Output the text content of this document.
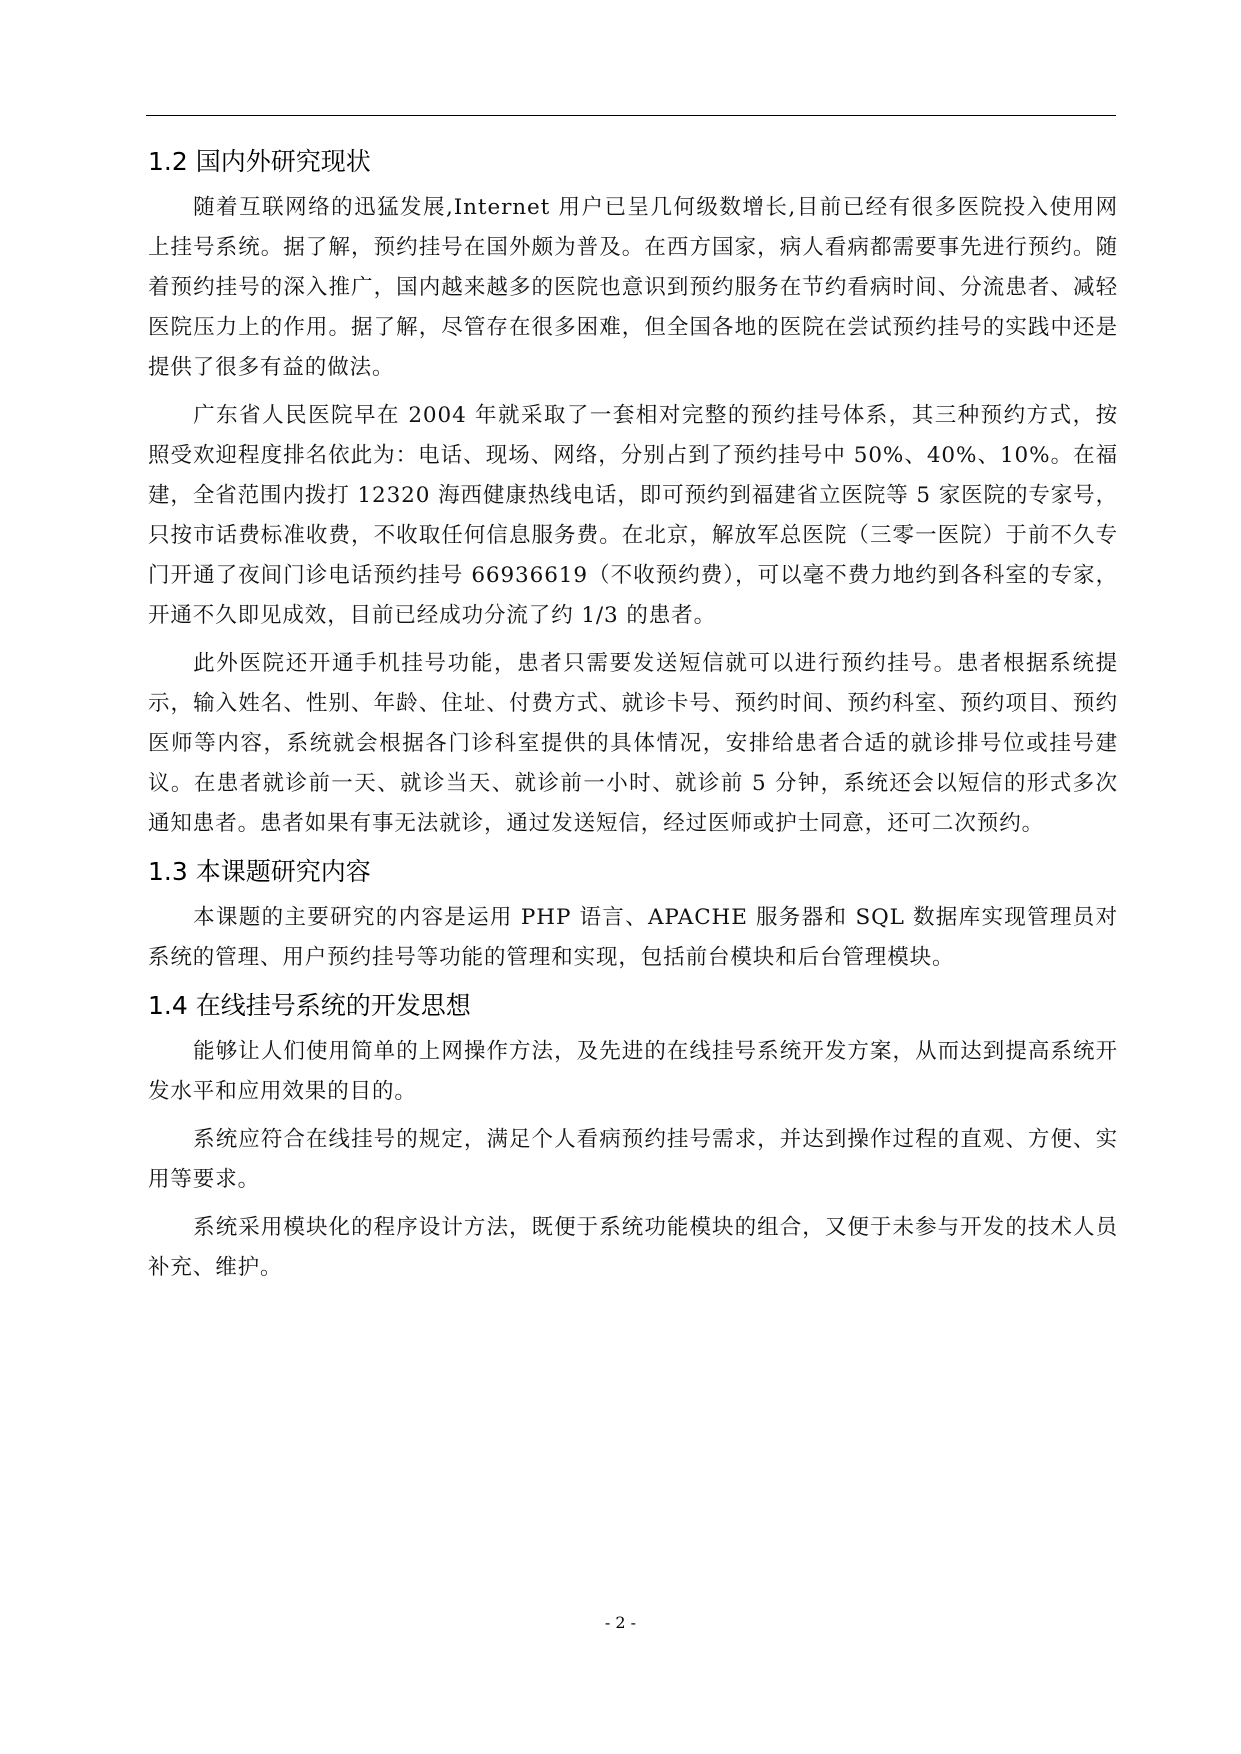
1.2 国内外研究现状

随着互联网络的迅猛发展,Internet 用户已呈几何级数增长,目前已经有很多医院投入使用网上挂号系统。据了解，预约挂号在国外颇为普及。在西方国家，病人看病都需要事先进行预约。随着预约挂号的深入推广，国内越来越多的医院也意识到预约服务在节约看病时间、分流患者、减轻医院压力上的作用。据了解，尽管存在很多困难，但全国各地的医院在尝试预约挂号的实践中还是提供了很多有益的做法。

广东省人民医院早在 2004 年就采取了一套相对完整的预约挂号体系，其三种预约方式，按照受欢迎程度排名依此为：电话、现场、网络，分别占到了预约挂号中 50%、40%、10%。在福建，全省范围内拨打 12320 海西健康热线电话，即可预约到福建省立医院等 5 家医院的专家号，只按市话费标准收费，不收取任何信息服务费。在北京，解放军总医院（三零一医院）于前不久专门开通了夜间门诊电话预约挂号 66936619（不收预约费），可以毫不费力地约到各科室的专家，开通不久即见成效，目前已经成功分流了约 1/3 的患者。

此外医院还开通手机挂号功能，患者只需要发送短信就可以进行预约挂号。患者根据系统提示，输入姓名、性别、年龄、住址、付费方式、就诊卡号、预约时间、预约科室、预约项目、预约医师等内容，系统就会根据各门诊科室提供的具体情况，安排给患者合适的就诊排号位或挂号建议。在患者就诊前一天、就诊当天、就诊前一小时、就诊前 5 分钟，系统还会以短信的形式多次通知患者。患者如果有事无法就诊，通过发送短信，经过医师或护士同意，还可二次预约。

1.3 本课题研究内容

本课题的主要研究的内容是运用 PHP 语言、APACHE 服务器和 SQL 数据库实现管理员对系统的管理、用户预约挂号等功能的管理和实现，包括前台模块和后台管理模块。

1.4 在线挂号系统的开发思想

能够让人们使用简单的上网操作方法，及先进的在线挂号系统开发方案，从而达到提高系统开发水平和应用效果的目的。

系统应符合在线挂号的规定，满足个人看病预约挂号需求，并达到操作过程的直观、方便、实用等要求。

系统采用模块化的程序设计方法，既便于系统功能模块的组合，又便于未参与开发的技术人员补充、维护。

- 2 -
